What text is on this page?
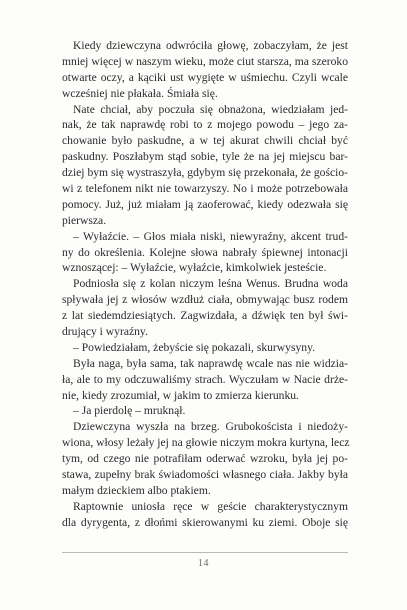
Kiedy dziewczyna odwróciła głowę, zobaczyłam, że jest
mniej więcej w naszym wieku, może ciut starsza, ma szeroko
otwarte oczy, a kąciki ust wygięte w uśmiechu. Czyli wcale
wcześniej nie płakała. Śmiała się.
Nate chciał, aby poczuła się obnażona, wiedziałam jed-
nak, że tak naprawdę robi to z mojego powodu – jego za-
chowanie było paskudne, a w tej akurat chwili chciał być
paskudny. Poszłabym stąd sobie, tyle że na jej miejscu bar-
dziej bym się wystraszyła, gdybym się przekonała, że gościo-
wi z telefonem nikt nie towarzyszy. No i może potrzebowała
pomocy. Już, już miałam ją zaoferować, kiedy odezwała się
pierwsza.
– Wyłaźcie. – Głos miała niski, niewyraźny, akcent trud-
ny do określenia. Kolejne słowa nabrały śpiewnej intonacji
wznoszącej: – Wyłaźcie, wyłaźcie, kimkolwiek jesteście.
Podniosła się z kolan niczym leśna Wenus. Brudna woda
spływała jej z włosów wzdłuż ciała, obmywając busz rodem
z lat siedemdziesiątych. Zagwizdała, a dźwięk ten był świ-
drujący i wyraźny.
– Powiedziałam, żebyście się pokazali, skurwysyny.
Była naga, była sama, tak naprawdę wcale nas nie widzia-
ła, ale to my odczuwaliśmy strach. Wyczułam w Nacie drże-
nie, kiedy zrozumiał, w jakim to zmierza kierunku.
– Ja pierdolę – mruknął.
Dziewczyna wyszła na brzeg. Grubokoścista i niedoży-
wiona, włosy leżały jej na głowie niczym mokra kurtyna, lecz
tym, od czego nie potrafiłam oderwać wzroku, była jej po-
stawa, zupełny brak świadomości własnego ciała. Jakby była
małym dzieckiem albo ptakiem.
Raptownie uniosła ręce w geście charakterystycznym
dla dyrygenta, z dłońmi skierowanymi ku ziemi. Oboje się
14
